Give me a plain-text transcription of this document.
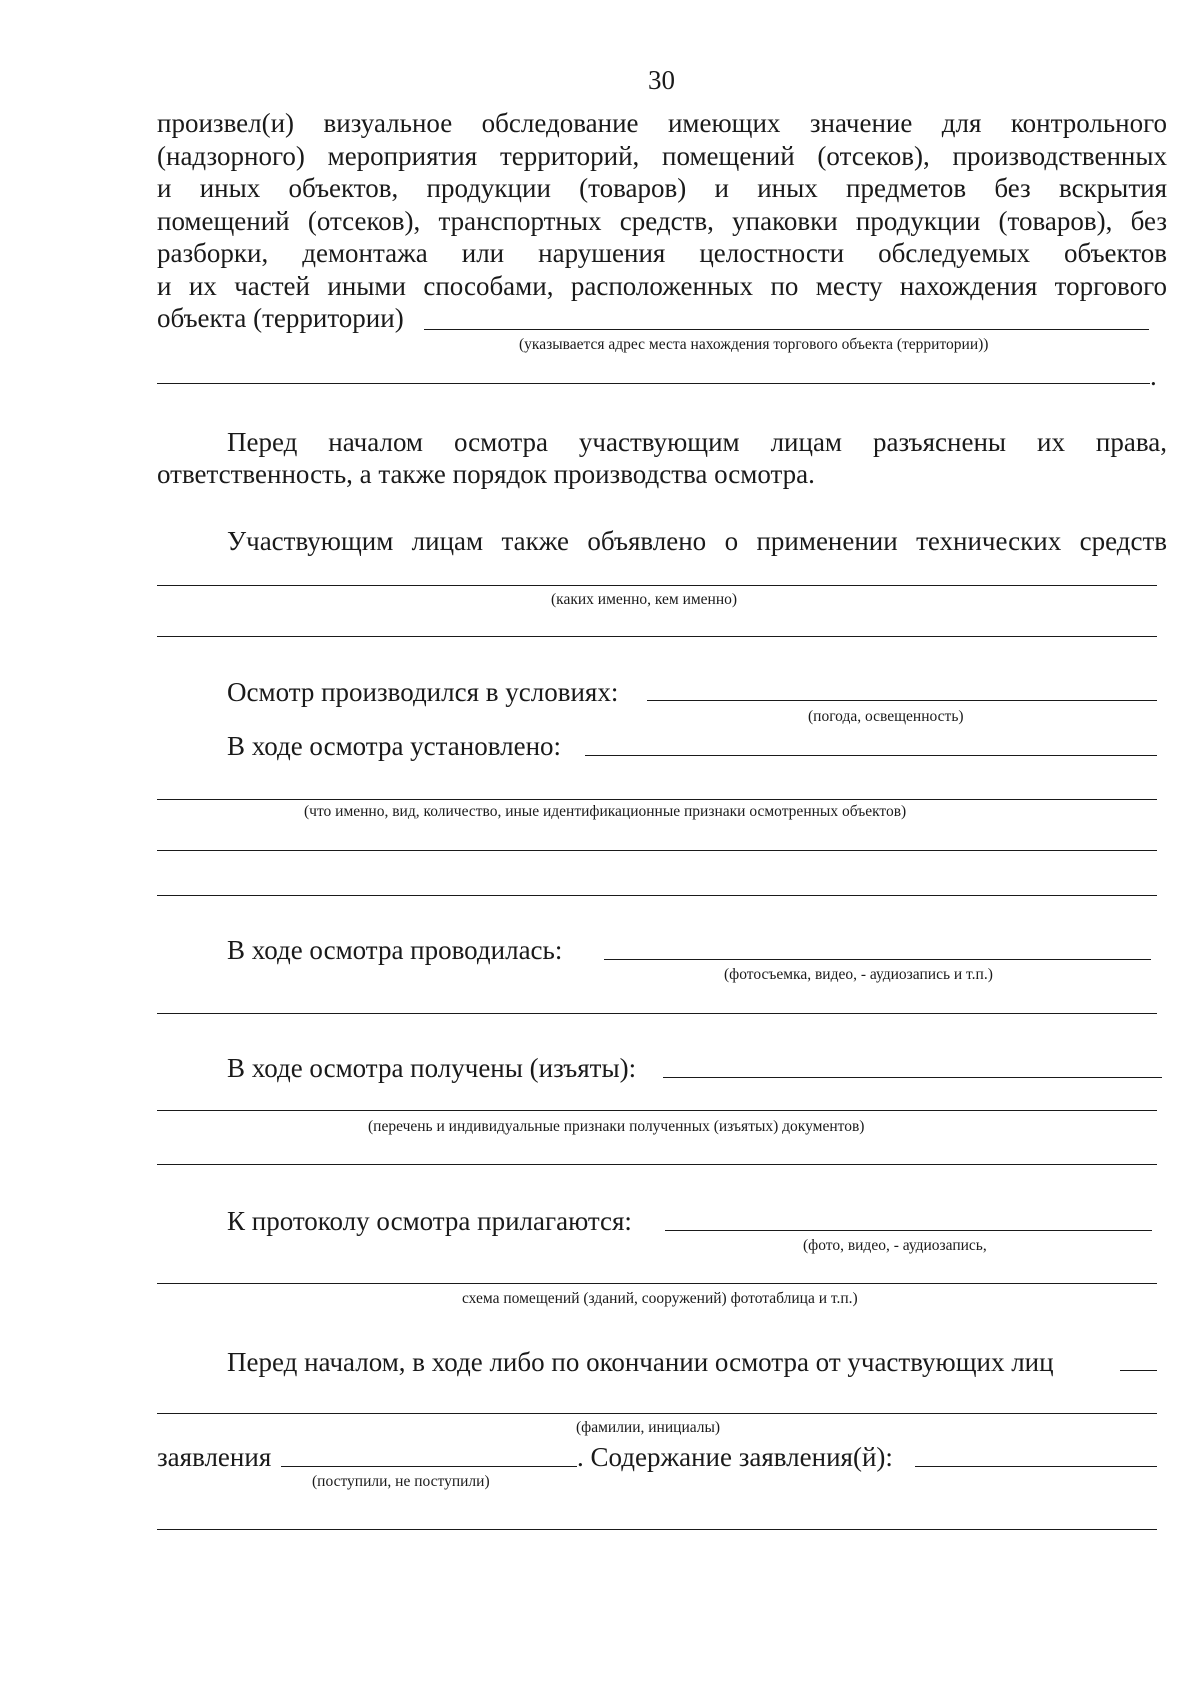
30
произвел(и) визуальное обследование имеющих значение для контрольного
(надзорного) мероприятия территорий, помещений (отсеков), производственных
и иных объектов, продукции (товаров) и иных предметов без вскрытия
помещений (отсеков), транспортных средств, упаковки продукции (товаров), без
разборки, демонтажа или нарушения целостности обследуемых объектов
и их частей иными способами, расположенных по месту нахождения торгового
объекта (территории)
(указывается адрес места нахождения торгового объекта (территории))
.
Перед началом осмотра участвующим лицам разъяснены их права,
ответственность, а также порядок производства осмотра.
Участвующим лицам также объявлено о применении технических средств
(каких именно, кем именно)
Осмотр производился в условиях:
(погода, освещенность)
В ходе осмотра установлено:
(что именно, вид, количество, иные идентификационные признаки осмотренных объектов)
В ходе осмотра проводилась:
(фотосъемка, видео, - аудиозапись и т.п.)
В ходе осмотра получены (изъяты):
(перечень и индивидуальные признаки полученных (изъятых) документов)
К протоколу осмотра прилагаются:
(фото, видео, - аудиозапись,
схема помещений (зданий, сооружений) фототаблица и т.п.)
Перед началом, в ходе либо по окончании осмотра от участвующих лиц
(фамилии, инициалы)
заявления	. Содержание заявления(й):
(поступили, не поступили)
